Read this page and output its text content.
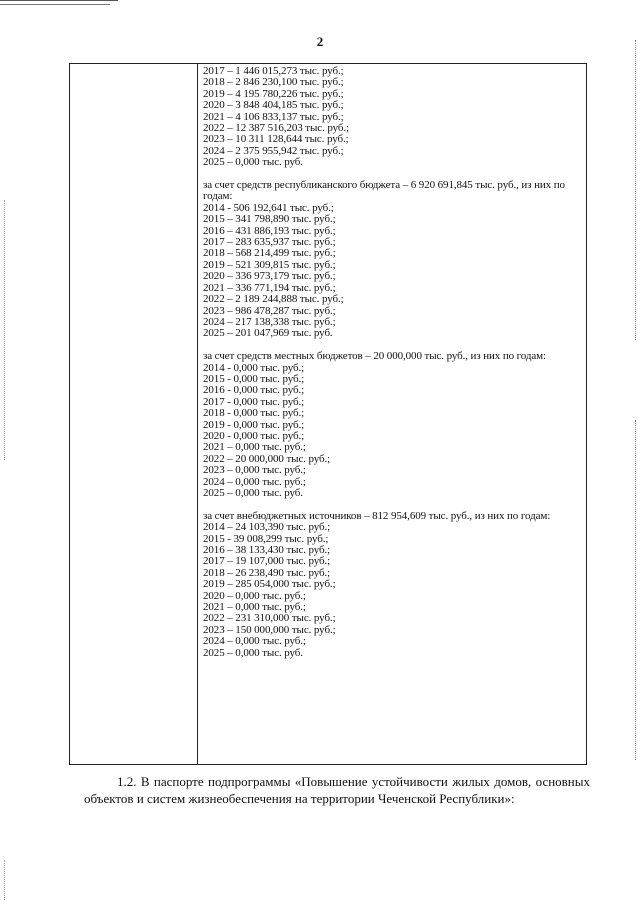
2
2017 – 1 446 015,273 тыс. руб.;
2018 – 2 846 230,100 тыс. руб.;
2019 – 4 195 780,226 тыс. руб.;
2020 – 3 848 404,185 тыс. руб.;
2021 – 4 106 833,137 тыс. руб.;
2022 – 12 387 516,203 тыс. руб.;
2023 – 10 311 128,644 тыс. руб.;
2024 – 2 375 955,942 тыс. руб.;
2025 – 0,000 тыс. руб.
за счет средств республиканского бюджета – 6 920 691,845 тыс. руб., из них по годам:
2014 - 506 192,641 тыс. руб.;
2015 – 341 798,890 тыс. руб.;
2016 – 431 886,193 тыс. руб.;
2017 – 283 635,937 тыс. руб.;
2018 – 568 214,499 тыс. руб.;
2019 – 521 309,815 тыс. руб.;
2020 – 336 973,179 тыс. руб.;
2021 – 336 771,194 тыс. руб.;
2022 – 2 189 244,888 тыс. руб.;
2023 – 986 478,287 тыс. руб.;
2024 – 217 138,338 тыс. руб.;
2025 – 201 047,969 тыс. руб.
за счет средств местных бюджетов – 20 000,000 тыс. руб., из них по годам:
2014 - 0,000 тыс. руб.;
2015 - 0,000 тыс. руб.;
2016 - 0,000 тыс. руб.;
2017 - 0,000 тыс. руб.;
2018 - 0,000 тыс. руб.;
2019 - 0,000 тыс. руб.;
2020 - 0,000 тыс. руб.;
2021 – 0,000 тыс. руб.;
2022 – 20 000,000 тыс. руб.;
2023 – 0,000 тыс. руб.;
2024 – 0,000 тыс. руб.;
2025 – 0,000 тыс. руб.
за счет внебюджетных источников – 812 954,609 тыс. руб., из них по годам:
2014 – 24 103,390 тыс. руб.;
2015 - 39 008,299 тыс. руб.;
2016 – 38 133,430 тыс. руб.;
2017 – 19 107,000 тыс. руб.;
2018 – 26 238,490 тыс. руб.;
2019 – 285 054,000 тыс. руб.;
2020 – 0,000 тыс. руб.;
2021 – 0,000 тыс. руб.;
2022 – 231 310,000 тыс. руб.;
2023 – 150 000,000 тыс. руб.;
2024 – 0,000 тыс. руб.;
2025 – 0,000 тыс. руб.
1.2. В паспорте подпрограммы «Повышение устойчивости жилых домов, основных объектов и систем жизнеобеспечения на территории Чеченской Республики»:
